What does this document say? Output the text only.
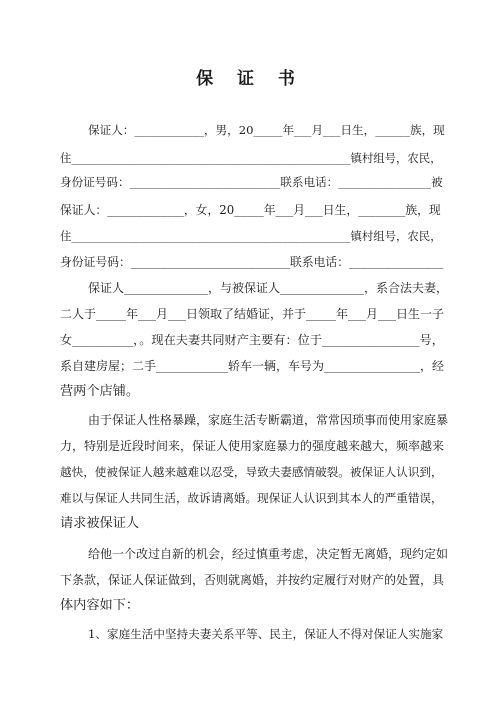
保 证 书
保证人：____________，男，20_____年___月___日生，______族，现
住_________________________________________________镇村组号，农民，
身份证号码：__________________________联系电话：________________被
保证人：_____________，女，20_____年___月___日生，________族，现
住_________________________________________________镇村组号，农民，
身份证号码：___________________________联系电话：________________
保证人______________，与被保证人______________，系合法夫妻，
二人于_____年___月___日领取了结婚证，并于_____年___月___日生一子
女__________，。现在夫妻共同财产主要有：位于________________号，
系自建房屋；二手____________轿车一辆，车号为________________，经
营两个店铺。
由于保证人性格暴躁，家庭生活专断霸道，常常因琐事而使用家庭暴
力，特别是近段时间来，保证人使用家庭暴力的强度越来越大，频率越来
越快，使被保证人越来越难以忍受，导致夫妻感情破裂。被保证人认识到，
难以与保证人共同生活，故诉请离婚。现保证人认识到其本人的严重错误，
请求被保证人
给他一个改过自新的机会，经过慎重考虑，决定暂无离婚，现约定如
下条款，保证人保证做到，否则就离婚，并按约定履行对财产的处置，具
体内容如下：
1、家庭生活中坚持夫妻关系平等、民主，保证人不得对保证人实施家
